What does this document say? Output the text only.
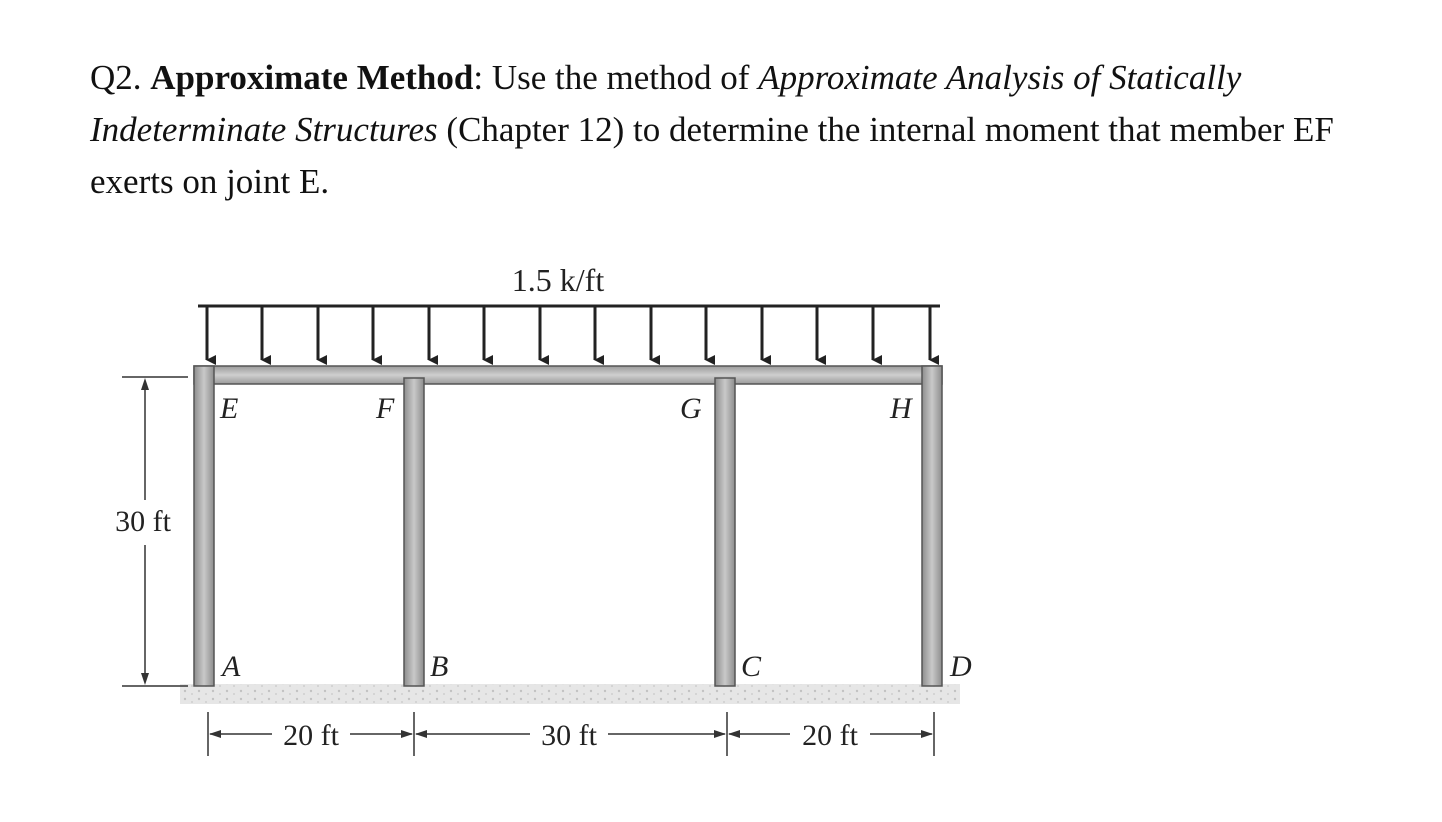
Q2. Approximate Method: Use the method of Approximate Analysis of Statically Indeterminate Structures (Chapter 12) to determine the internal moment that member EF exerts on joint E.
1.5 k/ft
E	F	G	H
A	B	C	D
30 ft
20 ft	30 ft	20 ft
